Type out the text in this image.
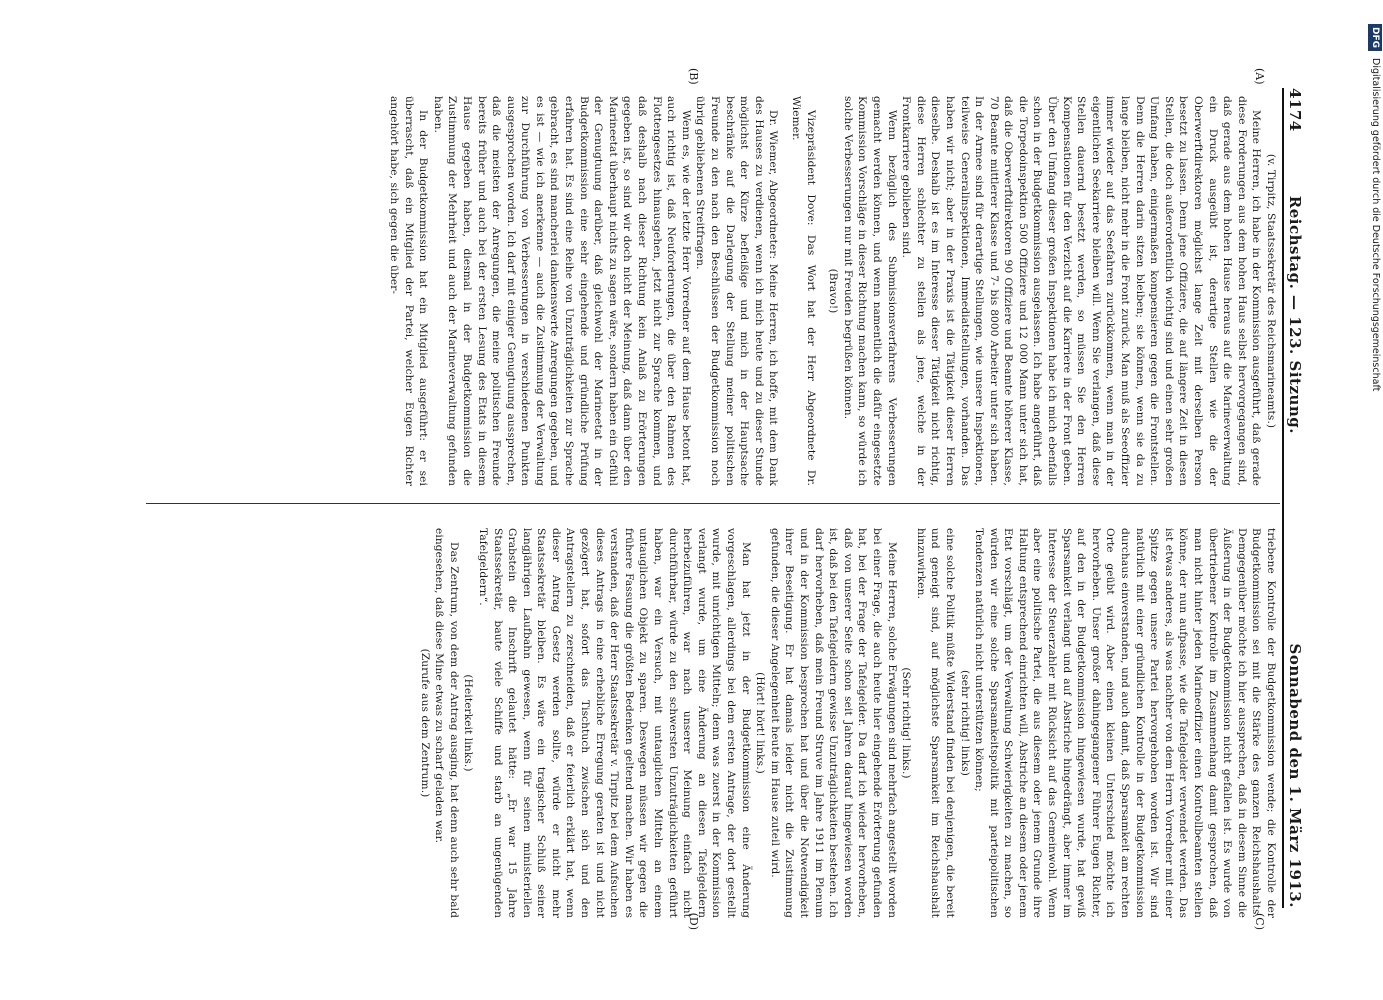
4174
Reichstag. — 123. Sitzung.
Sonnabend den 1. März 1913.
(A)
(B)
(C)
(D)

(v. Tirpitz, Staatssekretär des Reichsmarineamts.)

Meine Herren, ich habe in der Kommission ausgeführt, daß gerade diese Forderungen aus dem hohen Haus selbst hervorgegangen sind, daß gerade aus dem hohen Hause heraus auf die Marineverwaltung ein Druck ausgeübt ist, derartige Stellen wie die der Oberwerftdirektoren möglichst lange Zeit mit derselben Person besetzt zu lassen. Denn jene Offiziere, die auf längere Zeit in diesen Stellen, die doch außerordentlich wichtig sind und einen sehr großen Umfang haben, einigermaßen kompensieren gegen die Frontstellen. Denn die Herren darin sitzen bleiben; sie können, wenn sie da zu lange bleiben, nicht mehr in die Front zurück. Man muß als Seeoffizier immer wieder auf das Seefahren zurückkommen, wenn man in der eigentlichen Seekarriere bleiben will. Wenn Sie verlangen, daß diese Stellen dauernd besetzt werden, so müssen Sie den Herren Kompensationen für den Verzicht auf die Karriere in der Front geben. Über den Umfang dieser großen Inspektionen habe ich mich ebenfalls schon in der Budgetkommission ausgelassen. Ich habe angeführt, daß die Torpedoinspektion 500 Offiziere und 12 000 Mann unter sich hat, daß die Oberwerftdirektoren 90 Offiziere und Beamte höherer Klasse, 70 Beamte mittlerer Klasse und 7- bis 8000 Arbeiter unter sich haben. In der Armee sind für derartige Stellungen, wie unsere Inspektionen, teilweise Generalinspektionen, Immediatstellungen, vorhanden. Das haben wir nicht; aber in der Praxis ist die Tätigkeit dieser Herren dieselbe. Deshalb ist es im Interesse dieser Tätigkeit nicht richtig, diese Herren schlechter zu stellen als jene, welche in der Frontkarriere geblieben sind.

Wenn bezüglich des Submissionsverfahrens Verbesserungen gemacht werden können, und wenn namentlich die dafür eingesetzte Kommission Vorschläge in dieser Richtung machen kann, so würde ich solche Verbesserungen nur mit Freuden begrüßen können.

(Bravo!)

Vizepräsident Dove: Das Wort hat der Herr Abgeordnete Dr. Wiemer.

Dr. Wiemer, Abgeordneter: Meine Herren, ich hoffe, mit dem Dank des Hauses zu verdienen, wenn ich mich heute und zu dieser Stunde möglichst der Kürze befleißige und mich in der Hauptsache beschränke auf die Darlegung der Stellung meiner politischen Freunde zu den nach den Beschlüssen der Budgetkommission noch übrig gebliebenen Streitfragen.

Wenn es, wie der letzte Herr Vorredner auf dem Hause betont hat, auch richtig ist, daß Neuforderungen, die über den Rahmen des Flottengesetzes hinausgehen, jetzt nicht zur Sprache kommen, und daß deshalb nach dieser Richtung kein Anlaß zu Erörterungen gegeben ist, so sind wir doch nicht der Meinung, daß dann über den Marineetat überhaupt nichts zu sagen wäre, sondern haben ein Gefühl der Genugtuung darüber, daß gleichwohl der Marineetat in der Budgetkommission eine sehr eingehende und gründliche Prüfung erfahren hat. Es sind eine Reihe von Unzuträglichkeiten zur Sprache gebracht, es sind mancherlei dankenswerte Anregungen gegeben, und es ist — wie ich anerkenne — auch die Zustimmung der Verwaltung zur Durchführung von Verbesserungen in verschiedenen Punkten ausgesprochen worden. Ich darf mit einiger Genugtuung aussprechen, daß die meisten der Anregungen, die meine politischen Freunde bereits früher und auch bei der ersten Lesung des Etats in diesem Hause gegeben haben, diesmal in der Budgetkommission die Zustimmung der Mehrheit und auch der Marineverwaltung gefunden haben.

In der Budgetkommission hat ein Mitglied ausgeführt: er sei überrascht, daß ein Mitglied der Partei, welcher Eugen Richter angehört habe, sich gegen die über-

triebene Kontrolle der Budgetkommission wende; die Kontrolle der Budgetkommission sei mit die Stärke des ganzen Reichshaushalts. Demgegenüber möchte ich hier aussprechen, daß in diesem Sinne die Äußerung in der Budgetkommission nicht gefallen ist. Es wurde von übertriebener Kontrolle im Zusammenhang damit gesprochen, daß man nicht hinter jeden Marineoffizier einen Kontrollbeamten stellen könne, der nun aufpasse, wie die Tafelgelder verwendet werden. Das ist etwas anderes, als was nachher von dem Herrn Vorredner mit einer Spitze gegen unsere Partei hervorgehoben worden ist. Wir sind natürlich mit einer gründlichen Kontrolle in der Budgetkommission durchaus einverstanden, und auch damit, daß Sparsamkeit am rechten Orte geübt wird. Aber einen kleinen Unterschied möchte ich hervorheben. Unser großer dahingegangener Führer Eugen Richter, auf den in der Budgetkommission hingewiesen wurde, hat gewiß Sparsamkeit verlangt und auf Abstriche hingedrängt, aber immer im Interesse der Steuerzahler mit Rücksicht auf das Gemeinwohl. Wenn aber eine politische Partei, die aus diesem oder jenem Grunde ihre Haltung entsprechend einrichten will, Abstriche an diesem oder jenem Etat vorschlägt, um der Verwaltung Schwierigkeiten zu machen, so würden wir eine solche Sparsamkeitspolitik mit parteipolitischen Tendenzen natürlich nicht unterstützen können;

(sehr richtig! links)

eine solche Politik müßte Widerstand finden bei denjenigen, die bereit und geneigt sind, auf möglichste Sparsamkeit im Reichshaushalt hinzuwirken.

(Sehr richtig! links.)

Meine Herren, solche Erwägungen sind mehrfach angestellt worden bei einer Frage, die auch heute hier eingehende Erörterung gefunden hat, bei der Frage der Tafelgelder. Da darf ich wieder hervorheben, daß von unserer Seite schon seit Jahren darauf hingewiesen worden ist, daß bei den Tafelgeldern gewisse Unzuträglichkeiten bestehen. Ich darf hervorheben, daß mein Freund Struve im Jahre 1911 im Plenum und in der Kommission besprochen hat und über die Notwendigkeit ihrer Beseitigung. Er hat damals leider nicht die Zustimmung gefunden, die dieser Angelegenheit heute im Hause zuteil wird.

(Hört! hört! links.)

Man hat jetzt in der Budgetkommission eine Änderung vorgeschlagen, allerdings bei dem ersten Antrage, der dort gestellt wurde, mit unrichtigen Mitteln; denn was zuerst in der Kommission verlangt wurde, um eine Änderung an diesen Tafelgeldern herbeizuführen, war nach unserer Meinung einfach nicht durchführbar, würde zu den schwersten Unzuträglichkeiten geführt haben, war ein Versuch, mit untauglichen Mitteln an einem untauglichen Objekt zu sparen. Deswegen müssen wir gegen die frühere Fassung die größten Bedenken geltend machen. Wir haben es verstanden, daß der Herr Staatssekretär v. Tirpitz bei dem Aufsuchen dieses Antrags in eine erhebliche Erregung geraten ist und nicht gezögert hat, sofort das Tischtuch zwischen sich und den Antragstellern zu zerschneiden, daß er feierlich erklärt hat, wenn dieser Antrag Gesetz werden sollte, würde er nicht mehr Staatssekretär bleiben. Es wäre ein tragischer Schluß seiner langjährigen Laufbahn gewesen, wenn für seinen ministeriellen Grabstein die Inschrift gelautet hätte: „Er war 15 Jahre Staatssekretär, baute viele Schiffe und starb an ungenügenden Tafelgeldern“.

(Heiterkeit links.)

Das Zentrum, von dem der Antrag ausging, hat denn auch sehr bald eingesehen, daß diese Mine etwas zu scharf geladen war.

(Zurufe aus dem Zentrum.)

DFG Digitalisierung gefördert durch die Deutsche Forschungsgemeinschaft
